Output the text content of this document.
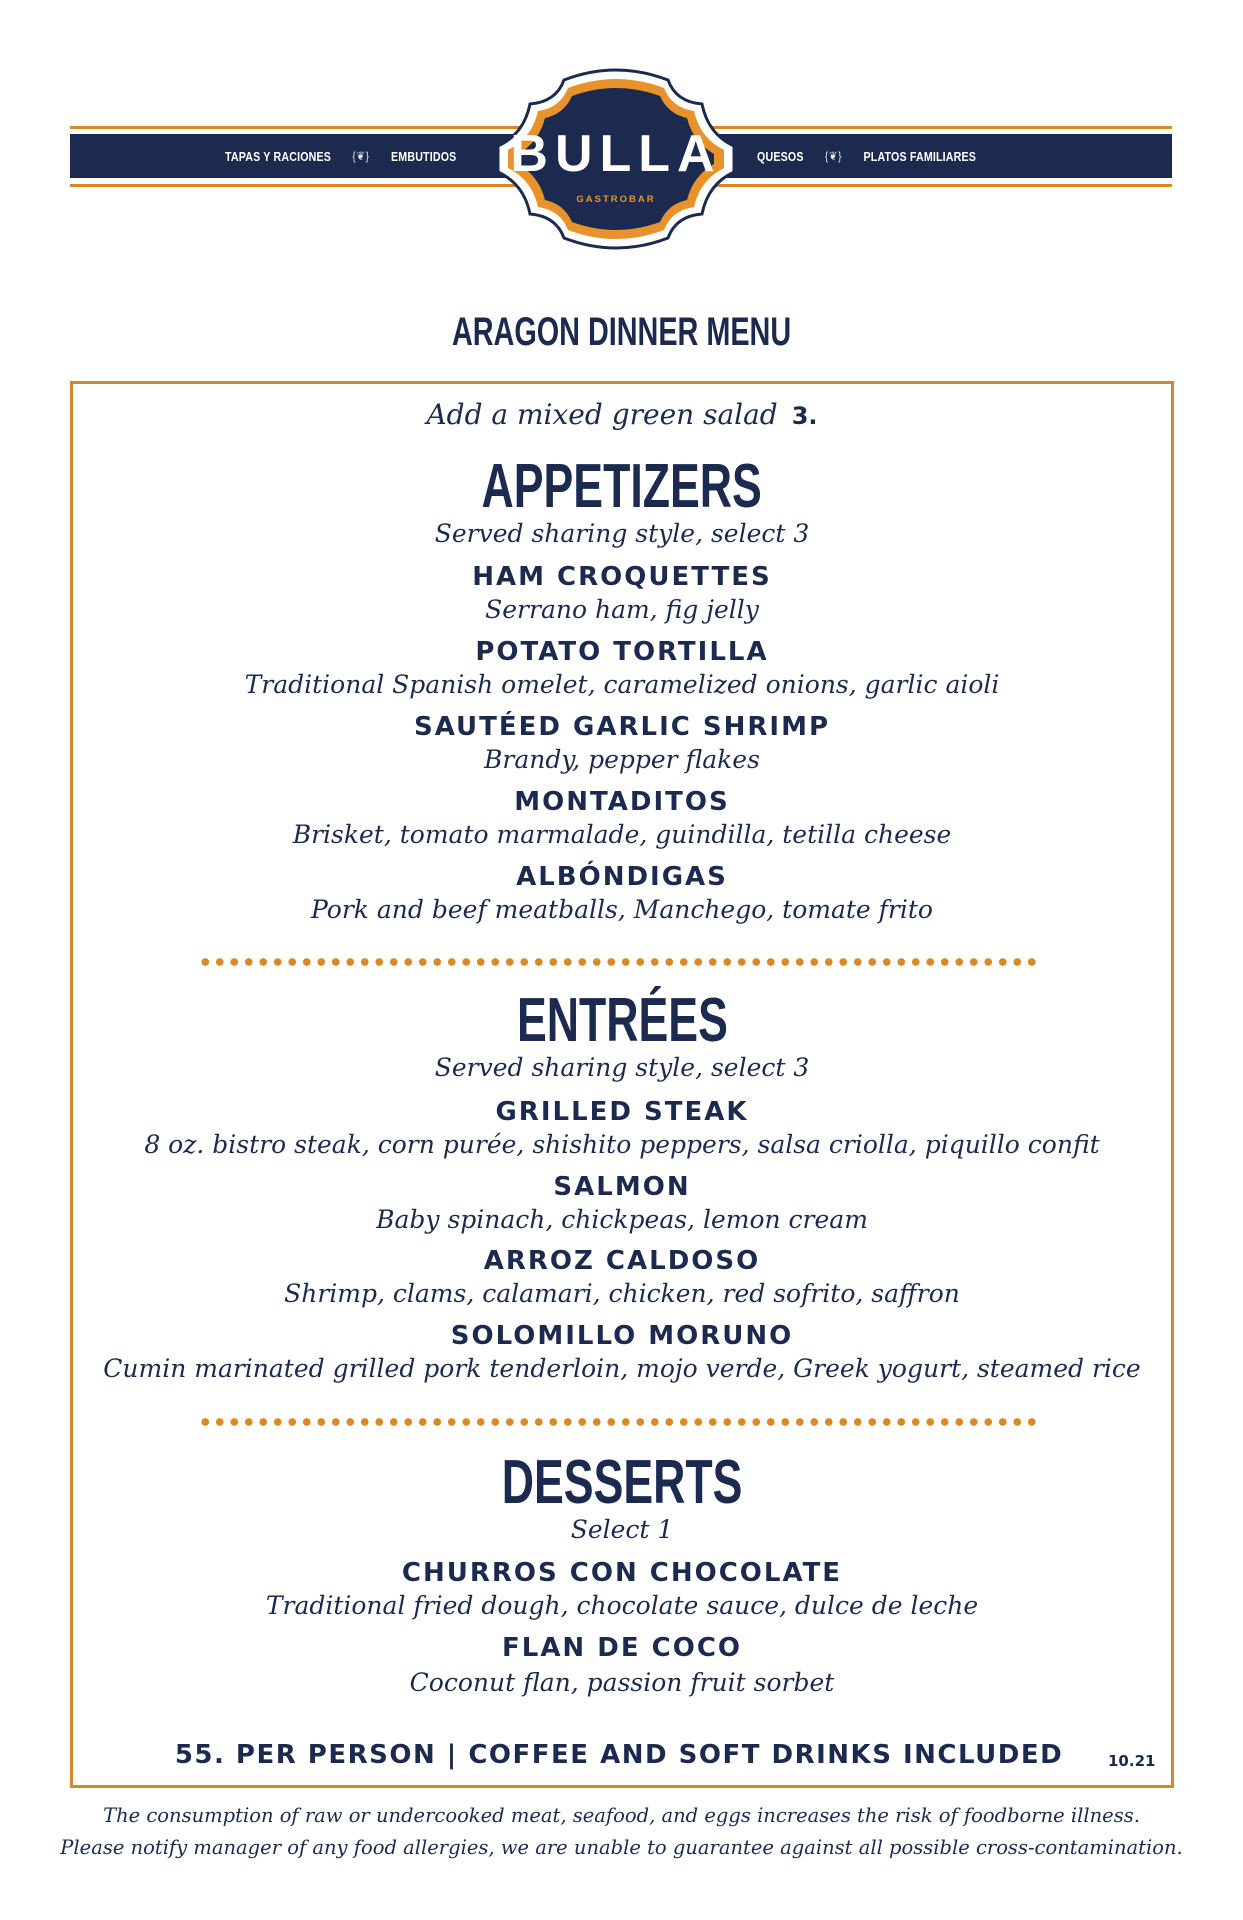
TAPAS Y RACIONES {❦} EMBUTIDOS	QUESOS {❦} PLATOS FAMILIARES
BULLA
GASTROBAR
ARAGON DINNER MENU
Add a mixed green salad 3.
APPETIZERS
Served sharing style, select 3
HAM CROQUETTES
Serrano ham, fig jelly
POTATO TORTILLA
Traditional Spanish omelet, caramelized onions, garlic aioli
SAUTÉED GARLIC SHRIMP
Brandy, pepper flakes
MONTADITOS
Brisket, tomato marmalade, guindilla, tetilla cheese
ALBÓNDIGAS
Pork and beef meatballs, Manchego, tomate frito
ENTRÉES
Served sharing style, select 3
GRILLED STEAK
8 oz. bistro steak, corn purée, shishito peppers, salsa criolla, piquillo confit
SALMON
Baby spinach, chickpeas, lemon cream
ARROZ CALDOSO
Shrimp, clams, calamari, chicken, red sofrito, saffron
SOLOMILLO MORUNO
Cumin marinated grilled pork tenderloin, mojo verde, Greek yogurt, steamed rice
DESSERTS
Select 1
CHURROS CON CHOCOLATE
Traditional fried dough, chocolate sauce, dulce de leche
FLAN DE COCO
Coconut flan, passion fruit sorbet
55. PER PERSON | COFFEE AND SOFT DRINKS INCLUDED	10.21
The consumption of raw or undercooked meat, seafood, and eggs increases the risk of foodborne illness.
Please notify manager of any food allergies, we are unable to guarantee against all possible cross-contamination.
